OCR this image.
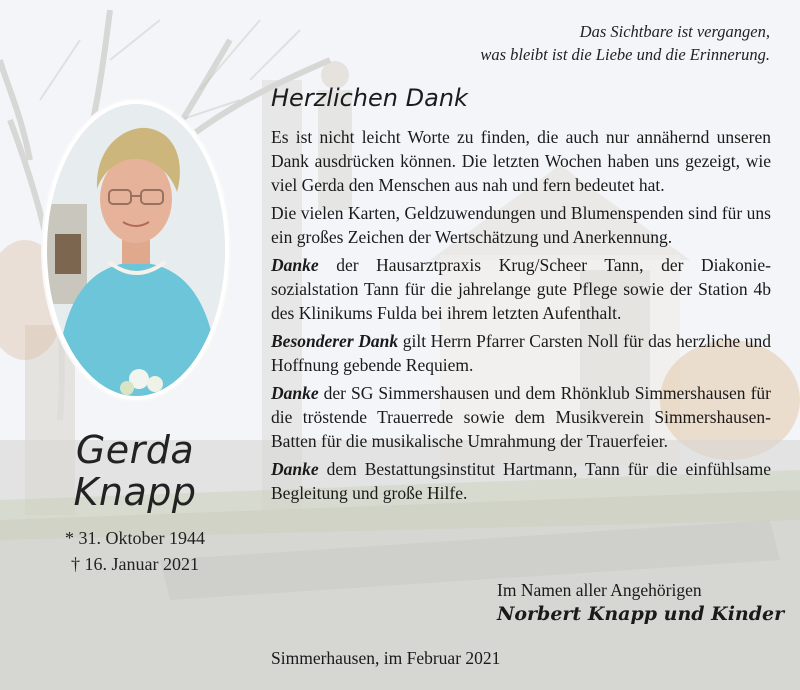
Gerda
Knapp
* 31. Oktober 1944
† 16. Januar 2021
Das Sichtbare ist vergangen,
was bleibt ist die Liebe und die Erinnerung.
Herzlichen Dank

Es ist nicht leicht Worte zu finden, die auch nur annähernd unseren Dank ausdrücken können. Die letzten Wochen haben uns gezeigt, wie viel Gerda den Menschen aus nah und fern bedeutet hat.

Die vielen Karten, Geldzuwendungen und Blumenspenden sind für uns ein großes Zeichen der Wertschätzung und Anerkennung.

Danke der Hausarztpraxis Krug/Scheer Tann, der Diakonie-sozialstation Tann für die jahrelange gute Pflege sowie der Station 4b des Klinikums Fulda bei ihrem letzten Aufenthalt.

Besonderer Dank gilt Herrn Pfarrer Carsten Noll für das herzliche und Hoffnung gebende Requiem.

Danke der SG Simmershausen und dem Rhönklub Simmershausen für die tröstende Trauerrede sowie dem Musikverein Simmershausen-Batten für die musikalische Umrahmung der Trauerfeier.

Danke dem Bestattungsinstitut Hartmann, Tann für die einfühlsame Begleitung und große Hilfe.

Im Namen aller Angehörigen
Norbert Knapp und Kinder
Simmerhausen, im Februar 2021
